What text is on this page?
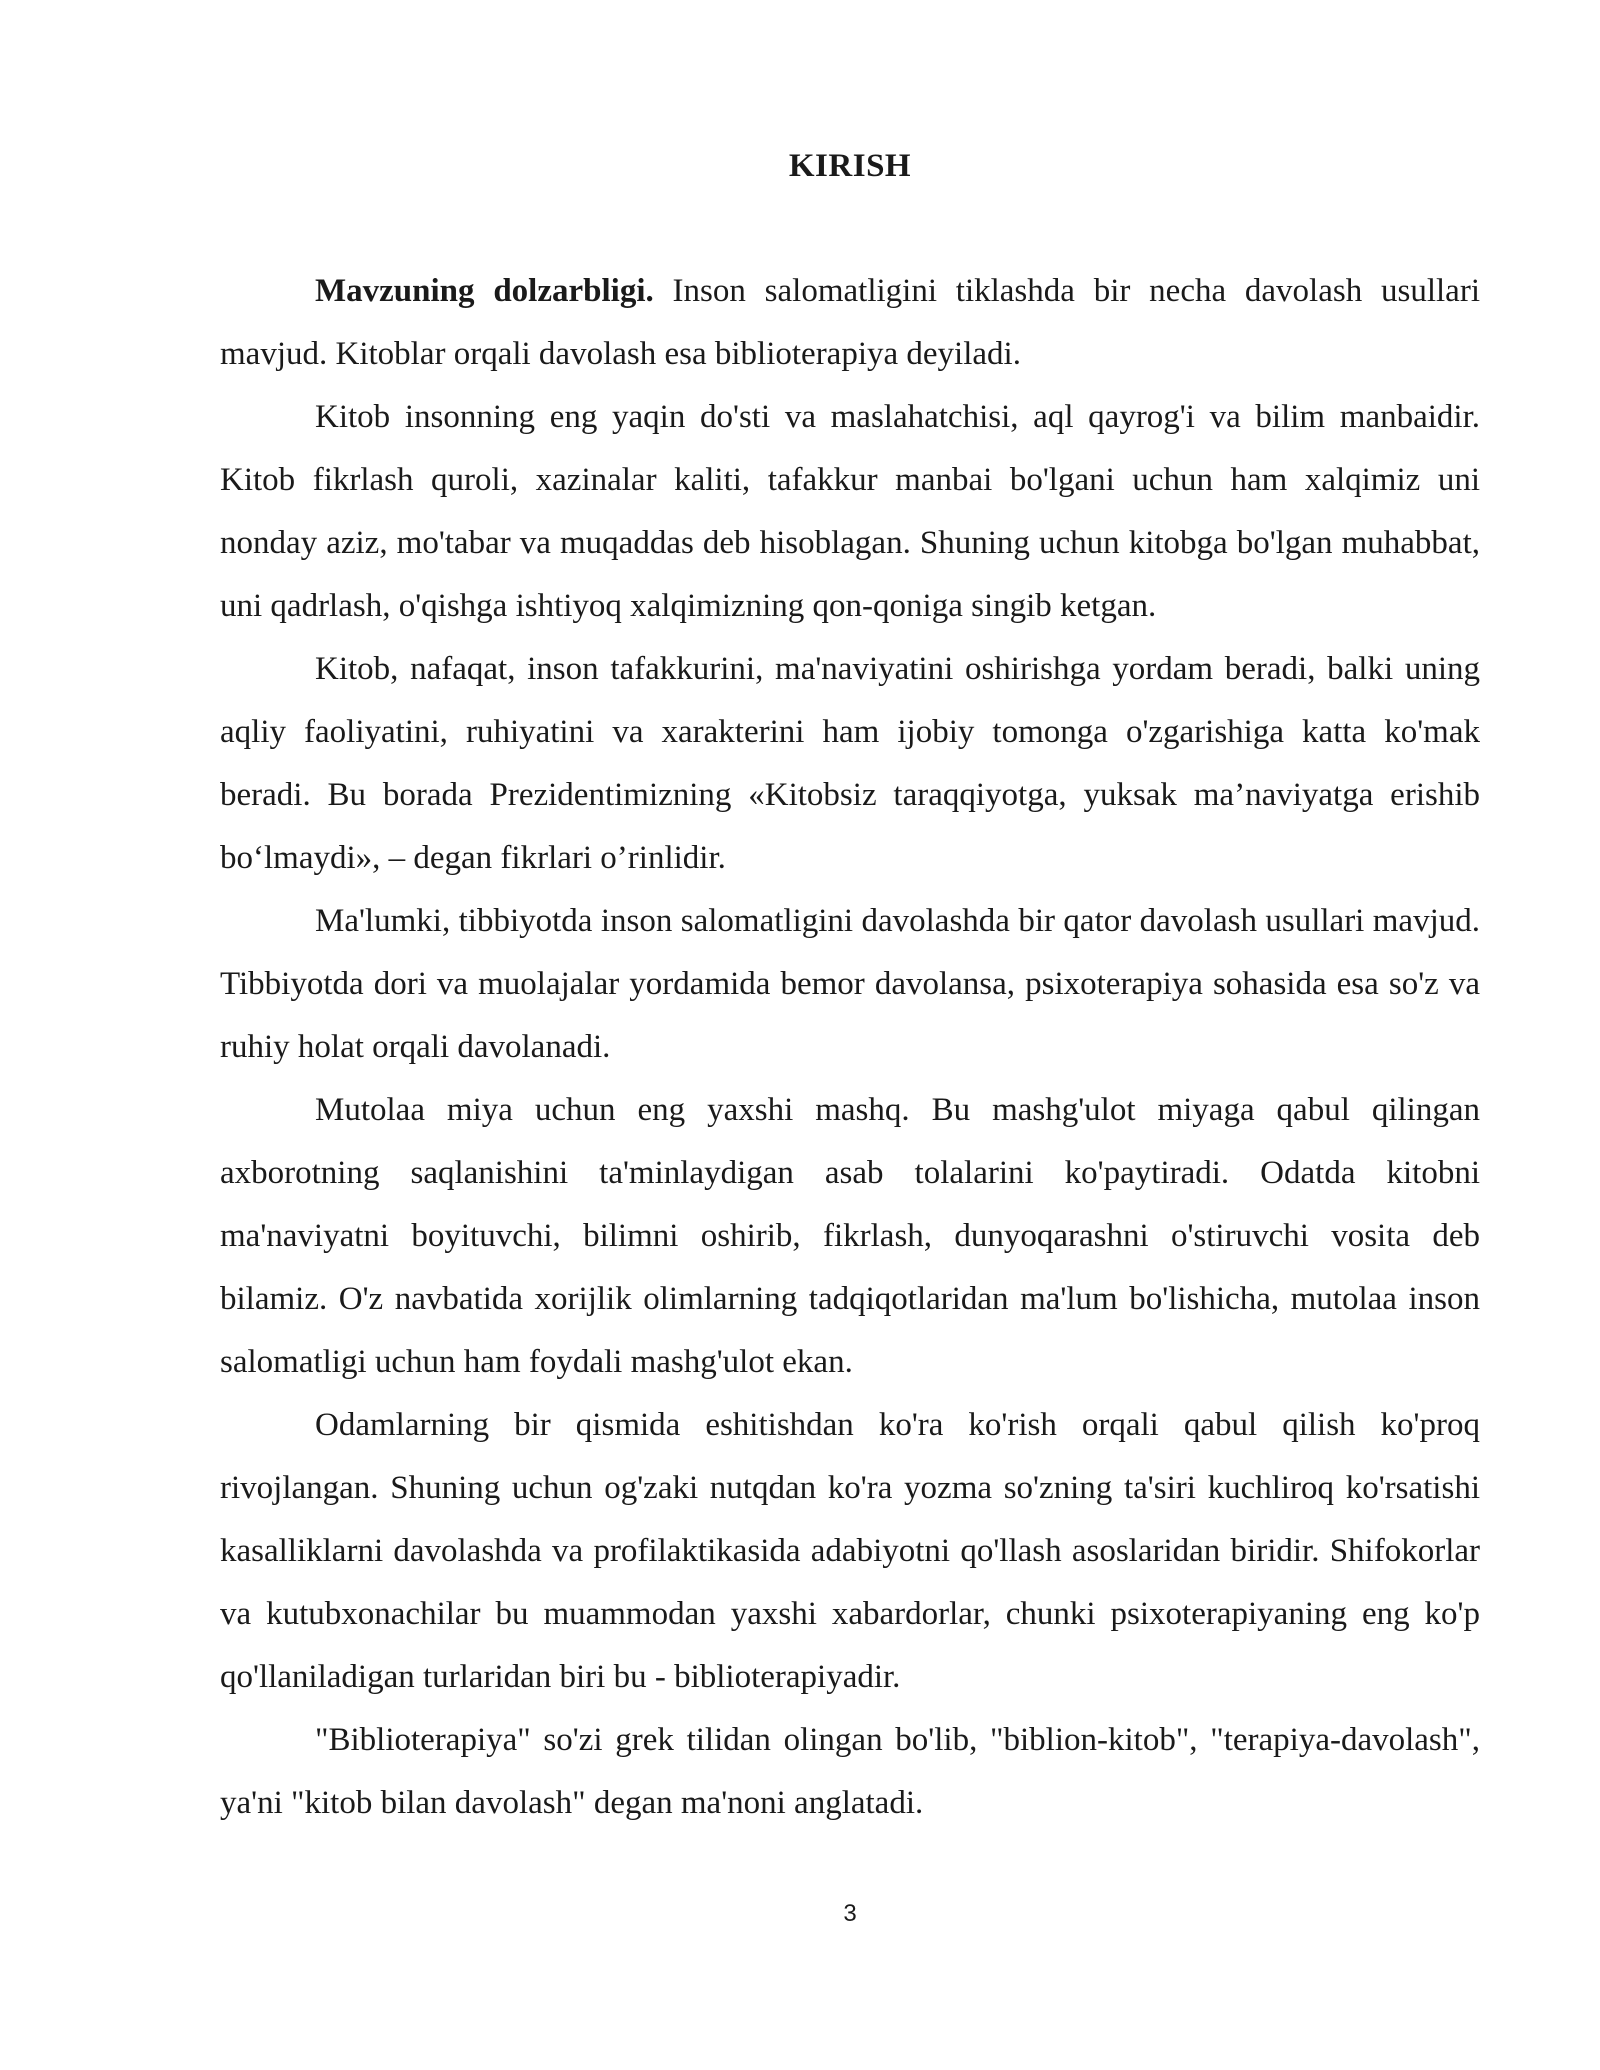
KIRISH

Mavzuning dolzarbligi. Inson salomatligini tiklashda bir necha davolash usullari mavjud. Kitoblar orqali davolash esa biblioterapiya deyiladi.

Kitob insonning eng yaqin do'sti va maslahatchisi, aql qayrog'i va bilim manbaidir. Kitob fikrlash quroli, xazinalar kaliti, tafakkur manbai bo'lgani uchun ham xalqimiz uni nonday aziz, mo'tabar va muqaddas deb hisoblagan. Shuning uchun kitobga bo'lgan muhabbat, uni qadrlash, o'qishga ishtiyoq xalqimizning qon-qoniga singib ketgan.

Kitob, nafaqat, inson tafakkurini, ma'naviyatini oshirishga yordam beradi, balki uning aqliy faoliyatini, ruhiyatini va xarakterini ham ijobiy tomonga o'zgarishiga katta ko'mak beradi. Bu borada Prezidentimizning «Kitobsiz taraqqiyotga, yuksak ma’naviyatga erishib bo‘lmaydi», – degan fikrlari o’rinlidir.

Ma'lumki, tibbiyotda inson salomatligini davolashda bir qator davolash usullari mavjud. Tibbiyotda dori va muolajalar yordamida bemor davolansa, psixoterapiya sohasida esa so'z va ruhiy holat orqali davolanadi.

Mutolaa miya uchun eng yaxshi mashq. Bu mashg'ulot miyaga qabul qilingan axborotning saqlanishini ta'minlaydigan asab tolalarini ko'paytiradi. Odatda kitobni ma'naviyatni boyituvchi, bilimni oshirib, fikrlash, dunyoqarashni o'stiruvchi vosita deb bilamiz. O'z navbatida xorijlik olimlarning tadqiqotlaridan ma'lum bo'lishicha, mutolaa inson salomatligi uchun ham foydali mashg'ulot ekan.

Odamlarning bir qismida eshitishdan ko'ra ko'rish orqali qabul qilish ko'proq rivojlangan. Shuning uchun og'zaki nutqdan ko'ra yozma so'zning ta'siri kuchliroq ko'rsatishi kasalliklarni davolashda va profilaktikasida adabiyotni qo'llash asoslaridan biridir. Shifokorlar va kutubxonachilar bu muammodan yaxshi xabardorlar, chunki psixoterapiyaning eng ko'p qo'llaniladigan turlaridan biri bu - biblioterapiyadir.

"Biblioterapiya" so'zi grek tilidan olingan bo'lib, "biblion-kitob", "terapiya-davolash", ya'ni "kitob bilan davolash" degan ma'noni anglatadi.

3
